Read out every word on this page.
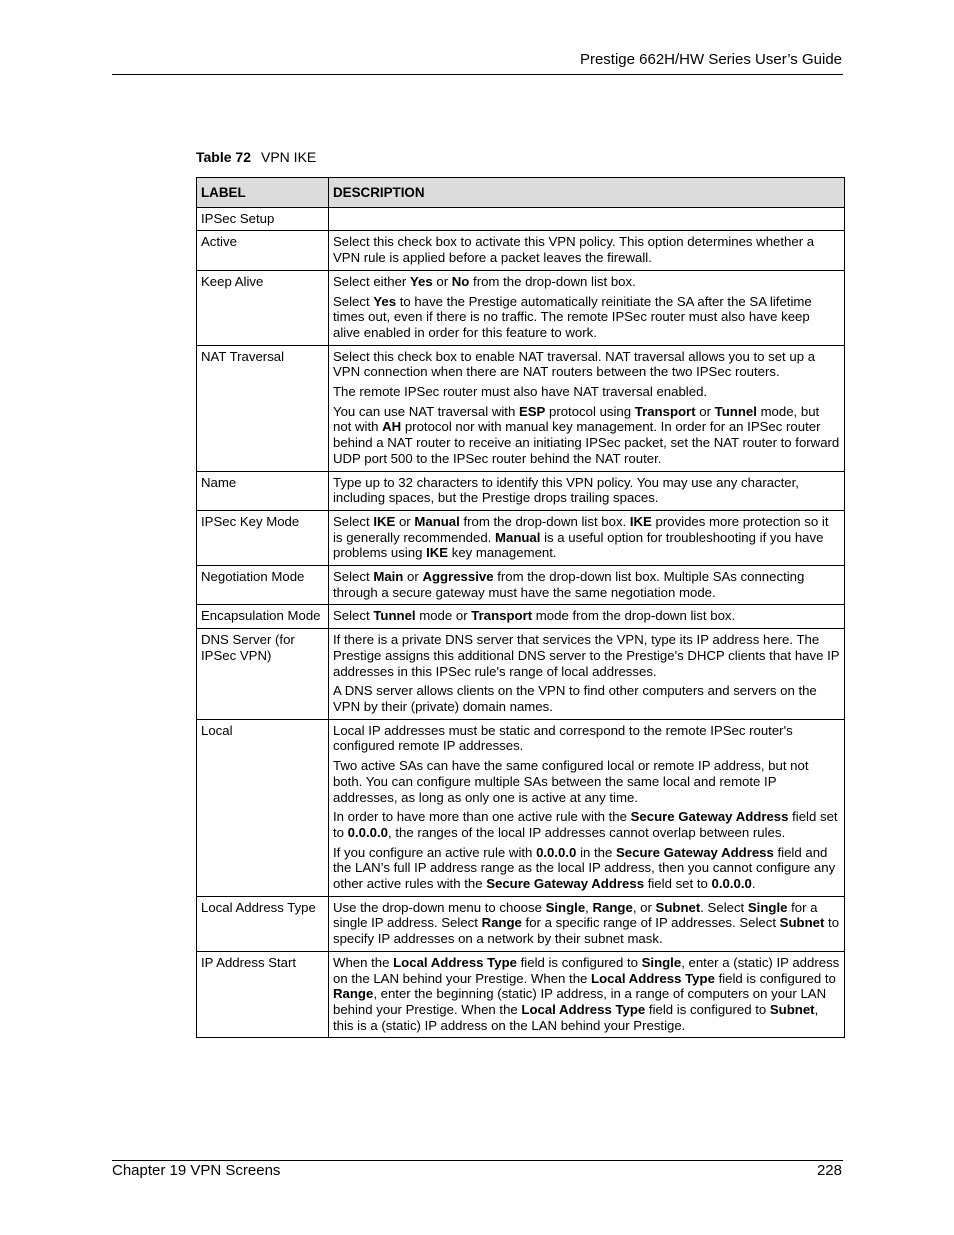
Prestige 662H/HW Series User’s Guide
Table 72 VPN IKE
LABEL	DESCRIPTION
IPSec Setup	
Active	Select this check box to activate this VPN policy. This option determines whether a VPN rule is applied before a packet leaves the firewall.

Keep Alive	Select either Yes or No from the drop-down list box.

Select Yes to have the Prestige automatically reinitiate the SA after the SA lifetime times out, even if there is no traffic. The remote IPSec router must also have keep alive enabled in order for this feature to work.

NAT Traversal	Select this check box to enable NAT traversal. NAT traversal allows you to set up a VPN connection when there are NAT routers between the two IPSec routers.

The remote IPSec router must also have NAT traversal enabled.

You can use NAT traversal with ESP protocol using Transport or Tunnel mode, but not with AH protocol nor with manual key management. In order for an IPSec router behind a NAT router to receive an initiating IPSec packet, set the NAT router to forward UDP port 500 to the IPSec router behind the NAT router.

Name	Type up to 32 characters to identify this VPN policy. You may use any character, including spaces, but the Prestige drops trailing spaces.

IPSec Key Mode	Select IKE or Manual from the drop-down list box. IKE provides more protection so it is generally recommended. Manual is a useful option for troubleshooting if you have problems using IKE key management.

Negotiation Mode	Select Main or Aggressive from the drop-down list box. Multiple SAs connecting through a secure gateway must have the same negotiation mode.

Encapsulation Mode	Select Tunnel mode or Transport mode from the drop-down list box.

DNS Server (for IPSec VPN)	If there is a private DNS server that services the VPN, type its IP address here. The Prestige assigns this additional DNS server to the Prestige's DHCP clients that have IP addresses in this IPSec rule's range of local addresses.

A DNS server allows clients on the VPN to find other computers and servers on the VPN by their (private) domain names.

Local	Local IP addresses must be static and correspond to the remote IPSec router's configured remote IP addresses.

Two active SAs can have the same configured local or remote IP address, but not both. You can configure multiple SAs between the same local and remote IP addresses, as long as only one is active at any time.

In order to have more than one active rule with the Secure Gateway Address field set to 0.0.0.0, the ranges of the local IP addresses cannot overlap between rules.

If you configure an active rule with 0.0.0.0 in the Secure Gateway Address field and the LAN’s full IP address range as the local IP address, then you cannot configure any other active rules with the Secure Gateway Address field set to 0.0.0.0.

Local Address Type	Use the drop-down menu to choose Single, Range, or Subnet. Select Single for a single IP address. Select Range for a specific range of IP addresses. Select Subnet to specify IP addresses on a network by their subnet mask.

IP Address Start	When the Local Address Type field is configured to Single, enter a (static) IP address on the LAN behind your Prestige. When the Local Address Type field is configured to Range, enter the beginning (static) IP address, in a range of computers on your LAN behind your Prestige. When the Local Address Type field is configured to Subnet, this is a (static) IP address on the LAN behind your Prestige.

Chapter 19 VPN Screens	228
